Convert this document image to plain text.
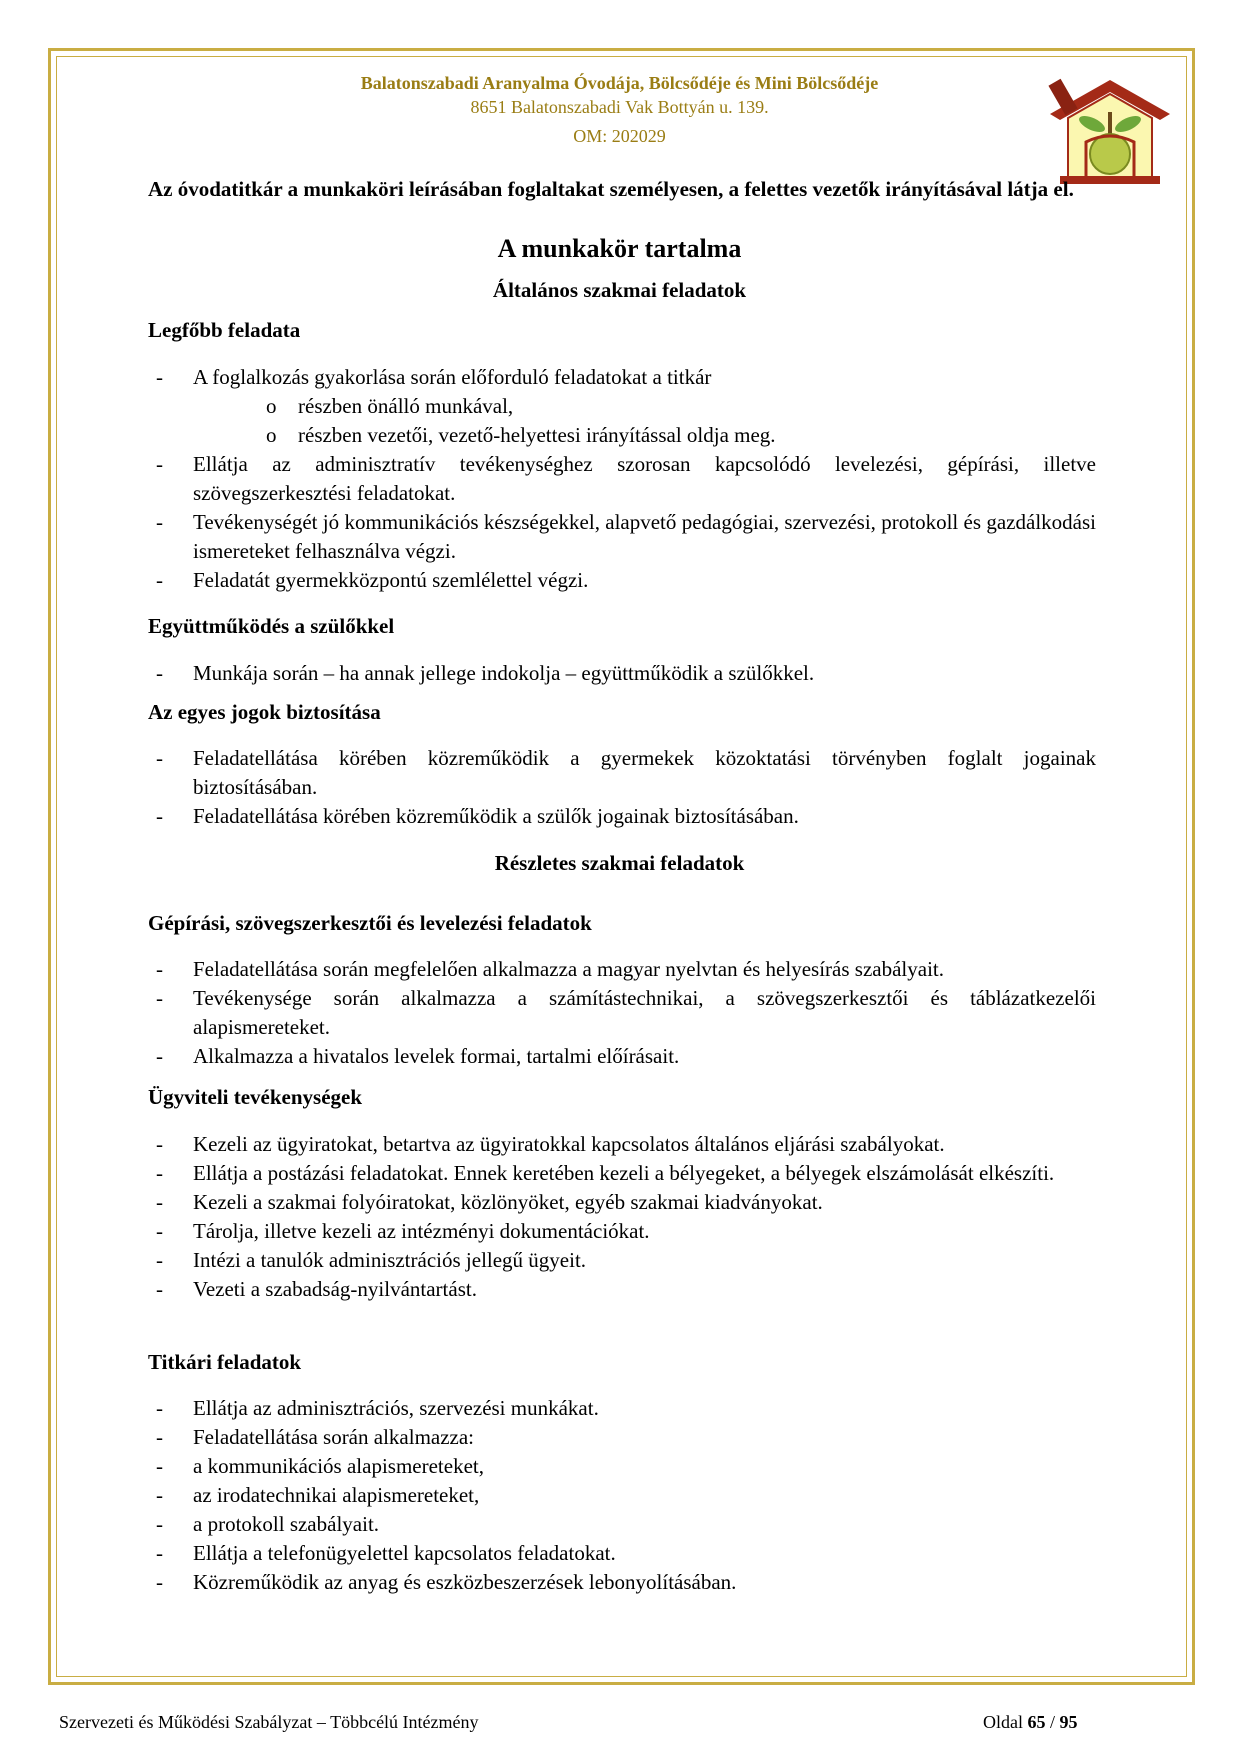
Balatonszabadi Aranyalma Óvodája, Bölcsődéje és Mini Bölcsődéje
8651 Balatonszabadi Vak Bottyán u. 139.
OM: 202029
Az óvodatitkár a munkaköri leírásában foglaltakat személyesen, a felettes vezetők irányításával látja el.
A munkakör tartalma
Általános szakmai feladatok
Legfőbb feladata
- A foglalkozás gyakorlása során előforduló feladatokat a titkár
o részben önálló munkával,
o részben vezetői, vezető-helyettesi irányítással oldja meg.
- Ellátja az adminisztratív tevékenységhez szorosan kapcsolódó levelezési, gépírási, illetve szövegszerkesztési feladatokat.
- Tevékenységét jó kommunikációs készségekkel, alapvető pedagógiai, szervezési, protokoll és gazdálkodási ismereteket felhasználva végzi.
- Feladatát gyermekközpontú szemlélettel végzi.
Együttműködés a szülőkkel
- Munkája során – ha annak jellege indokolja – együttműködik a szülőkkel.
Az egyes jogok biztosítása
- Feladatellátása körében közreműködik a gyermekek közoktatási törvényben foglalt jogainak biztosításában.
- Feladatellátása körében közreműködik a szülők jogainak biztosításában.
Részletes szakmai feladatok
Gépírási, szövegszerkesztői és levelezési feladatok
- Feladatellátása során megfelelően alkalmazza a magyar nyelvtan és helyesírás szabályait.
- Tevékenysége során alkalmazza a számítástechnikai, a szövegszerkesztői és táblázatkezelői alapismereteket.
- Alkalmazza a hivatalos levelek formai, tartalmi előírásait.
Ügyviteli tevékenységek
- Kezeli az ügyiratokat, betartva az ügyiratokkal kapcsolatos általános eljárási szabályokat.
- Ellátja a postázási feladatokat. Ennek keretében kezeli a bélyegeket, a bélyegek elszámolását elkészíti.
- Kezeli a szakmai folyóiratokat, közlönyöket, egyéb szakmai kiadványokat.
- Tárolja, illetve kezeli az intézményi dokumentációkat.
- Intézi a tanulók adminisztrációs jellegű ügyeit.
- Vezeti a szabadság-nyilvántartást.
Titkári feladatok
- Ellátja az adminisztrációs, szervezési munkákat.
- Feladatellátása során alkalmazza:
- a kommunikációs alapismereteket,
- az irodatechnikai alapismereteket,
- a protokoll szabályait.
- Ellátja a telefonügyelettel kapcsolatos feladatokat.
- Közreműködik az anyag és eszközbeszerzések lebonyolításában.
Szervezeti és Működési Szabályzat – Többcélú Intézmény	Oldal 65 / 95
